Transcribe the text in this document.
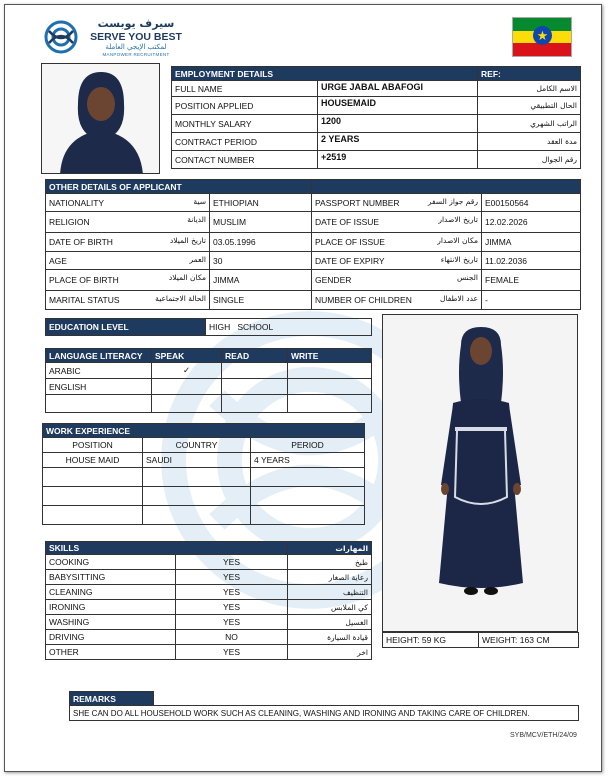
سيرف يوبست
SERVE YOU BEST
لمكتب الإيجي العاملة
MANPOWER RECRUITMENT
★
EMPLOYMENT DETAILS		REF:
FULL NAME	URGE JABAL ABAFOGI	الاسم الكامل
POSITION APPLIED	HOUSEMAID	الحال التطبيقي
MONTHLY SALARY	1200	الراتب الشهري
CONTRACT PERIOD	2 YEARS	مدة العقد
CONTACT NUMBER	+2519	رقم الجوال
OTHER DETAILS OF APPLICANT			
NATIONALITY سية	ETHIOPIAN	PASSPORT NUMBER رقم جواز السفر	E00150564
RELIGION الديانة	MUSLIM	DATE OF ISSUE تاريخ الاصدار	12.02.2026
DATE OF BIRTH تاريخ الميلاد	03.05.1996	PLACE OF ISSUE مكان الاصدار	JIMMA
AGE العمر	30	DATE OF EXPIRY تاريخ الانتهاء	11.02.2036
PLACE OF BIRTH مكان الميلاد	JIMMA	GENDER الجنس	FEMALE
MARITAL STATUS الحالة الاجتماعية	SINGLE	NUMBER OF CHILDREN عدد الاطفال	-
EDUCATION LEVEL	HIGH   SCHOOL
LANGUAGE LITERACY	SPEAK	READ	WRITE
ARABIC	✓		
ENGLISH			

WORK EXPERIENCE		
POSITION	COUNTRY	PERIOD
HOUSE MAID	SAUDI	4 YEARS

SKILLS		المهارات
COOKING	YES	طبخ
BABYSITTING	YES	رعاية الصغار
CLEANING	YES	التنظيف
IRONING	YES	كي الملابس
WASHING	YES	الغسيل
DRIVING	NO	قيادة السيارة
OTHER	YES	اخر
HEIGHT: 59 KG	WEIGHT: 163 CM
REMARKS	
SHE CAN DO ALL HOUSEHOLD WORK SUCH AS CLEANING, WASHING AND IRONING AND TAKING CARE OF CHILDREN.

SYB/MCV/ETH/24/09
